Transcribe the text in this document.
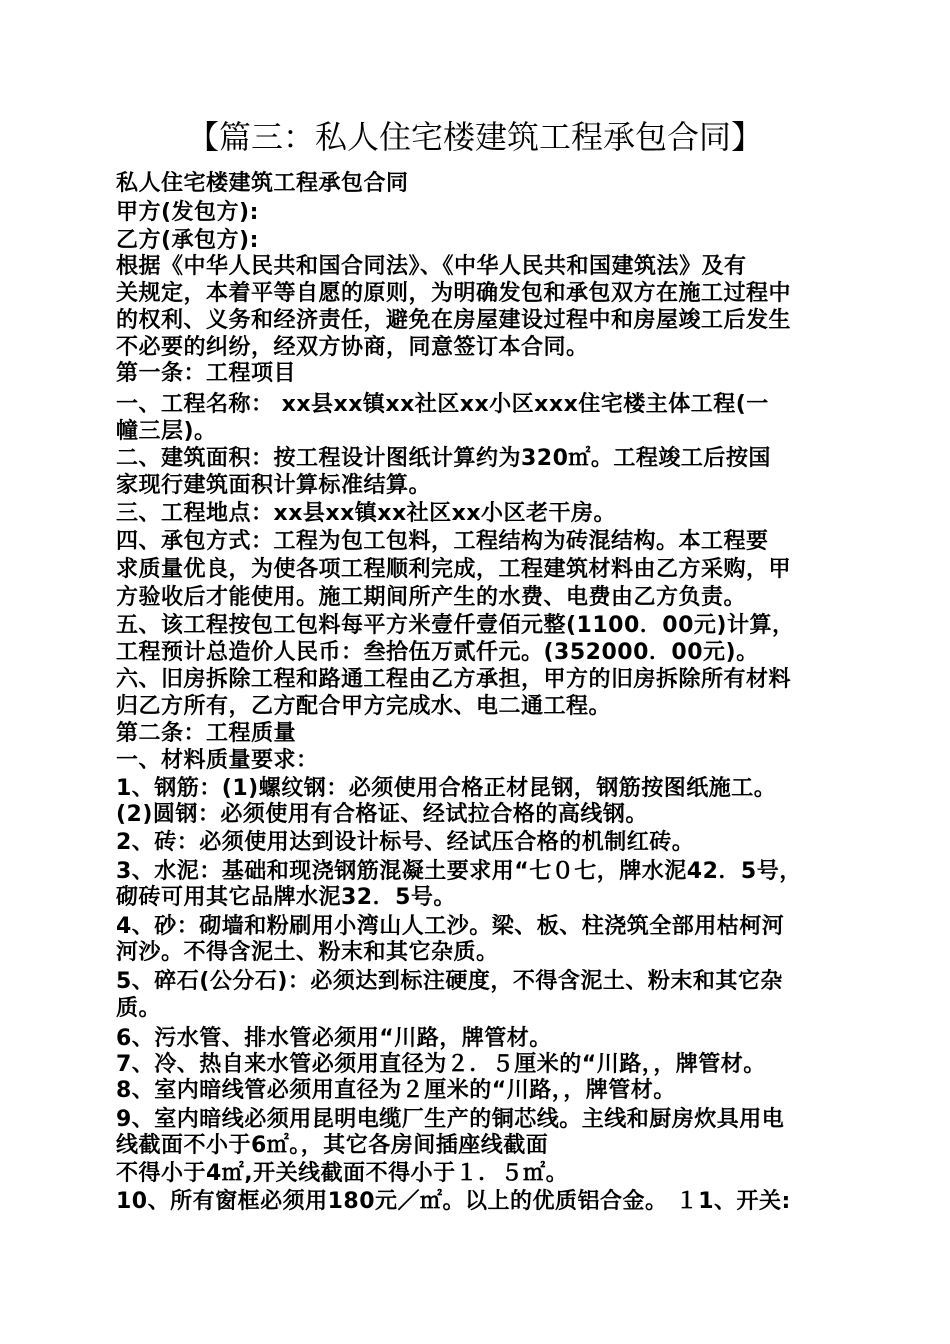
【篇三：私人住宅楼建筑工程承包合同】
私人住宅楼建筑工程承包合同
甲方(发包方):
乙方(承包方):
根据《中华人民共和国合同法》、《中华人民共和国建筑法》及有
关规定，本着平等自愿的原则，为明确发包和承包双方在施工过程中
的权利、义务和经济责任，避免在房屋建设过程中和房屋竣工后发生
不必要的纠纷，经双方协商，同意签订本合同。
第一条：工程项目
一、工程名称： xx县xx镇xx社区xx小区xxx住宅楼主体工程(一
幢三层)。
二、建筑面积：按工程设计图纸计算约为320㎡。工程竣工后按国
家现行建筑面积计算标准结算。
三、工程地点：xx县xx镇xx社区xx小区老干房。
四、承包方式：工程为包工包料，工程结构为砖混结构。本工程要
求质量优良，为使各项工程顺利完成，工程建筑材料由乙方采购，甲
方验收后才能使用。施工期间所产生的水费、电费由乙方负责。
五、该工程按包工包料每平方米壹仟壹佰元整(1100．00元)计算，
工程预计总造价人民币：叁拾伍万贰仟元。(352000．00元)。
六、旧房拆除工程和路通工程由乙方承担，甲方的旧房拆除所有材料
归乙方所有，乙方配合甲方完成水、电二通工程。
第二条：工程质量
一、材料质量要求：
1、钢筋：(1)螺纹钢：必须使用合格正材昆钢，钢筋按图纸施工。
(2)圆钢：必须使用有合格证、经试拉合格的高线钢。
2、砖：必须使用达到设计标号、经试压合格的机制红砖。
3、水泥：基础和现浇钢筋混凝土要求用“七０七，牌水泥42．5号，
砌砖可用其它品牌水泥32．5号。
4、砂：砌墙和粉刷用小湾山人工沙。梁、板、柱浇筑全部用枯柯河
河沙。不得含泥土、粉末和其它杂质。
5、碎石(公分石)：必须达到标注硬度，不得含泥土、粉末和其它杂
质。
6、污水管、排水管必须用“川路，牌管材。
7、冷、热自来水管必须用直径为２．５厘米的“川路，，牌管材。
8、室内暗线管必须用直径为２厘米的“川路，，牌管材。
9、室内暗线必须用昆明电缆厂生产的铜芯线。主线和厨房炊具用电
线截面不小于6㎡。，其它各房间插座线截面
不得小于4㎡,开关线截面不得小于１．５㎡。
10、所有窗框必须用180元／㎡。以上的优质铝合金。 １1、开关:
